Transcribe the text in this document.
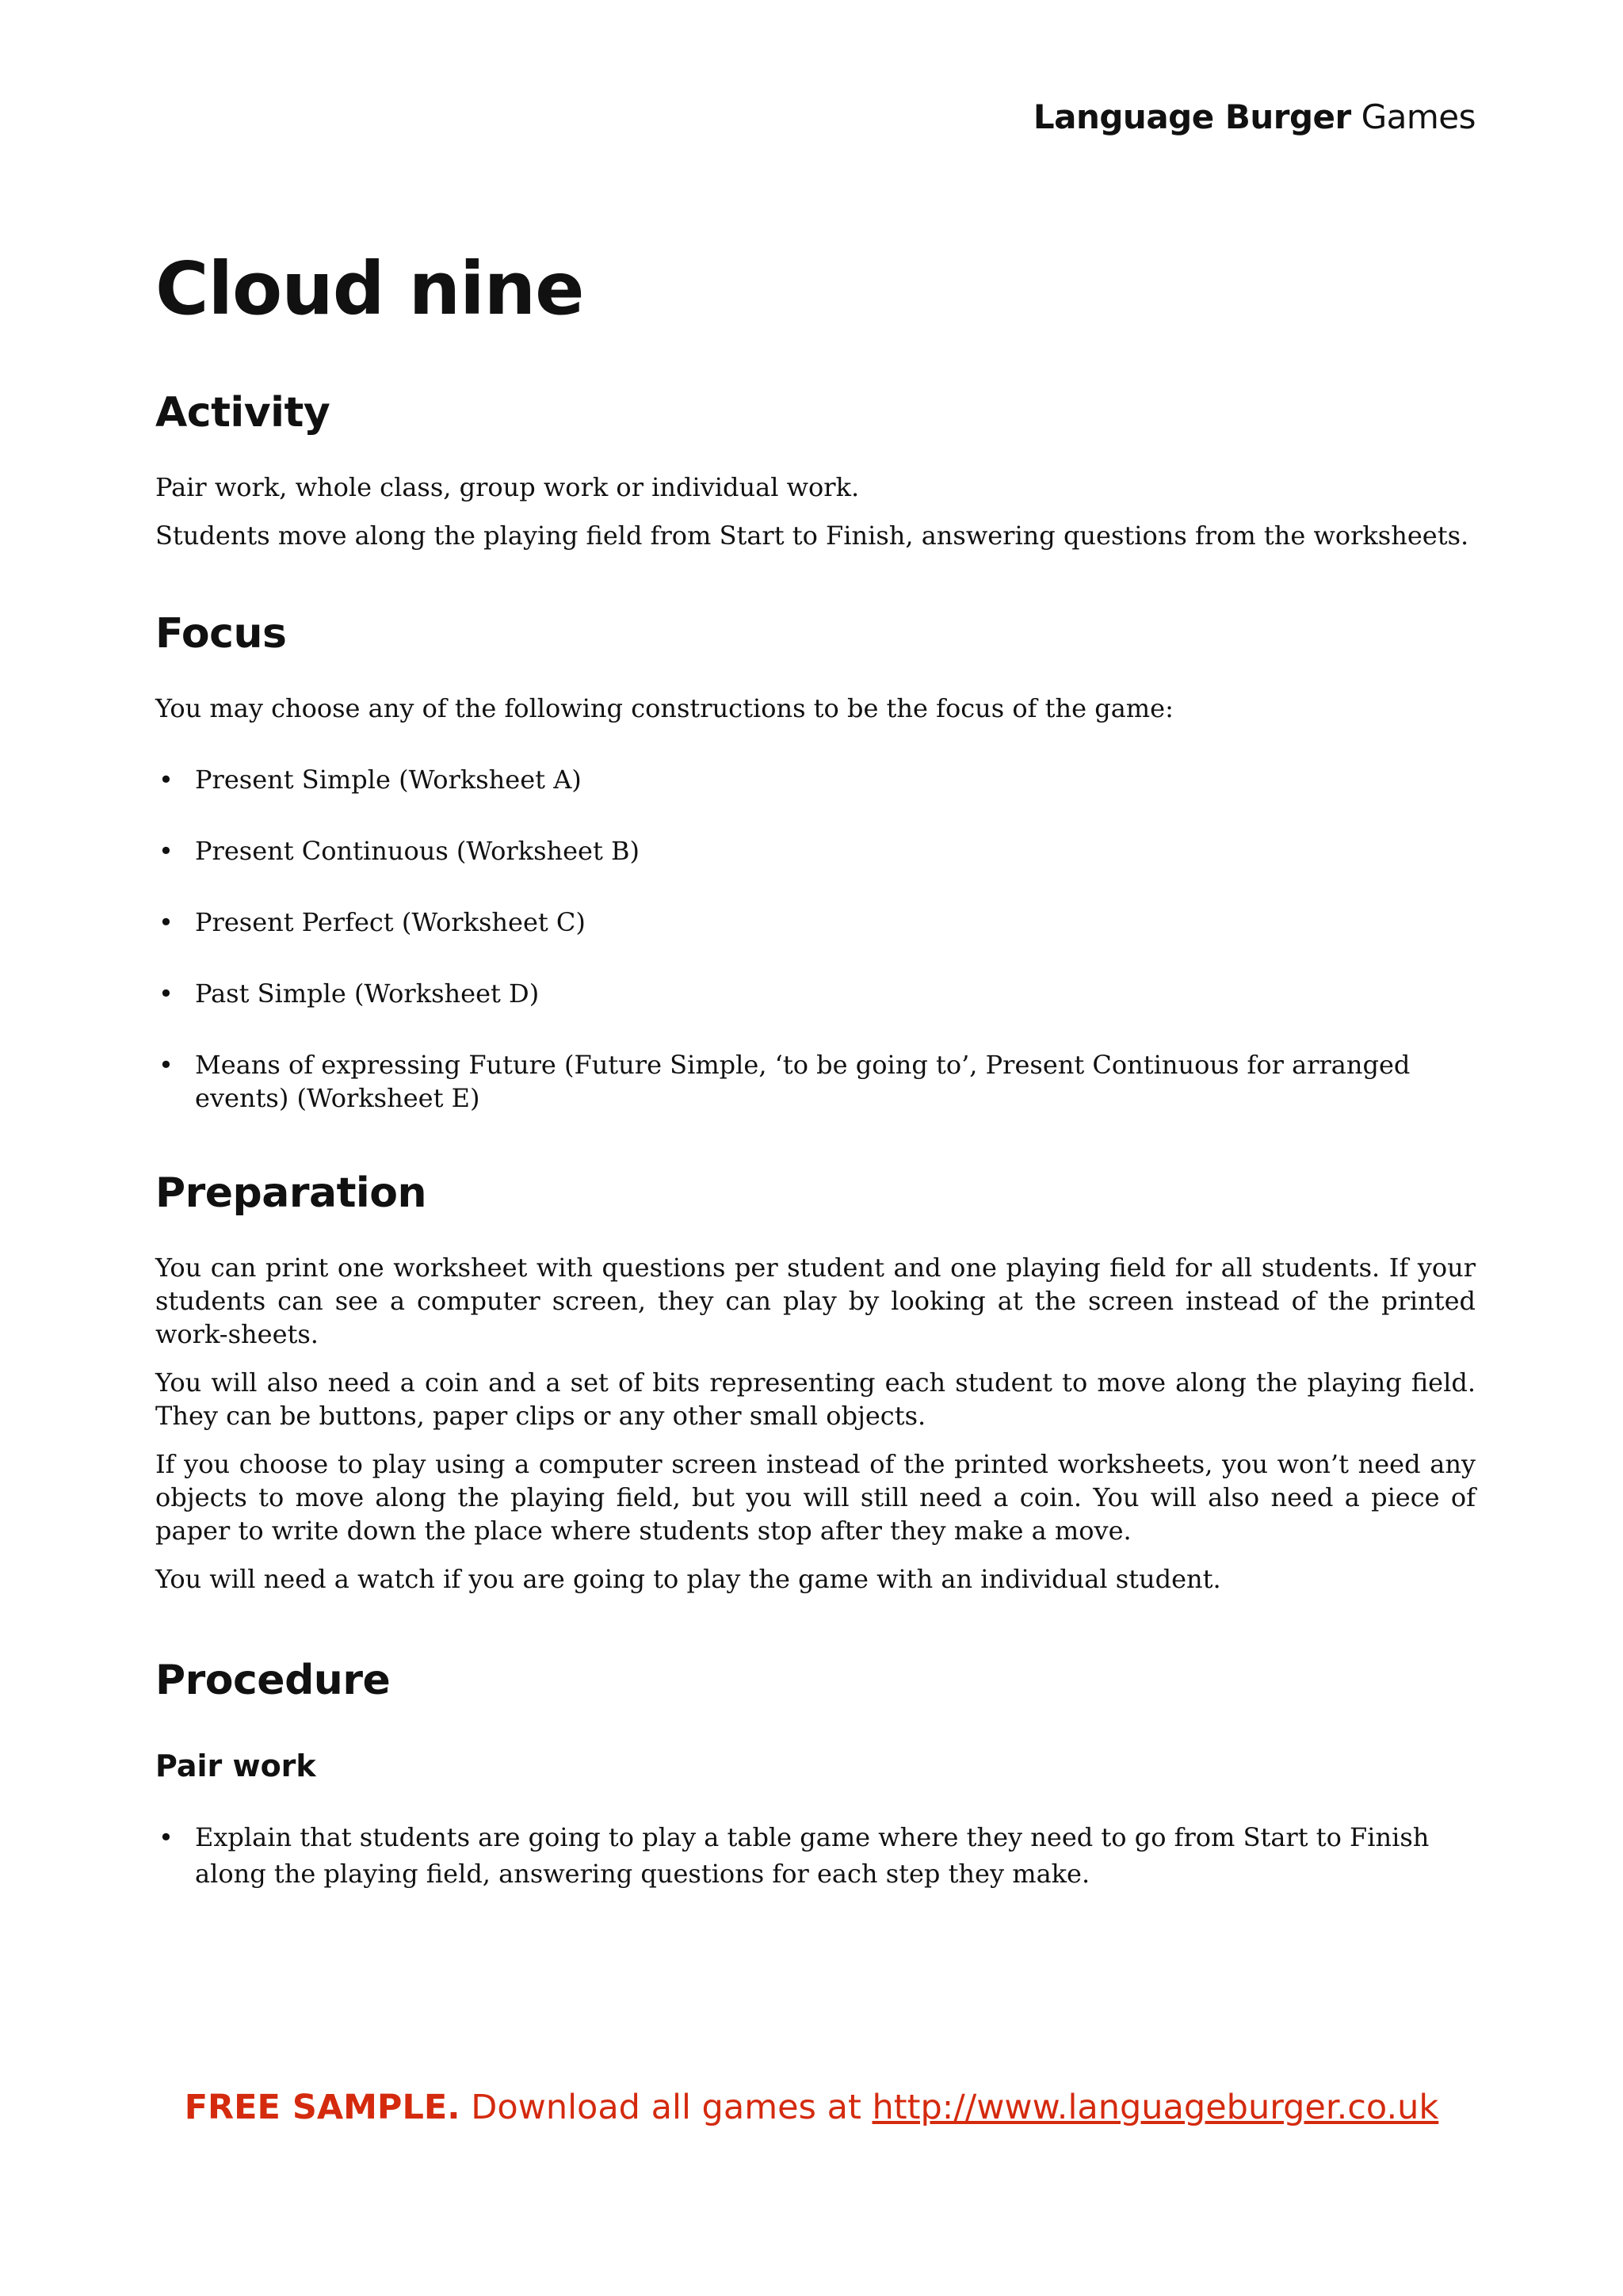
Language Burger Games
Cloud nine
Activity

Pair work, whole class, group work or individual work.

Students move along the playing field from Start to Finish, answering questions from the worksheets.

Focus

You may choose any of the following constructions to be the focus of the game:

• Present Simple (Worksheet A)
• Present Continuous (Worksheet B)
• Present Perfect (Worksheet C)
• Past Simple (Worksheet D)
• Means of expressing Future (Future Simple, ‘to be going to’, Present Continuous for arranged events) (Worksheet E)
Preparation

You can print one worksheet with questions per student and one playing field for all students. If your students can see a computer screen, they can play by looking at the screen instead of the printed work-sheets.

You will also need a coin and a set of bits representing each student to move along the playing field. They can be buttons, paper clips or any other small objects.

If you choose to play using a computer screen instead of the printed worksheets, you won’t need any objects to move along the playing field, but you will still need a coin. You will also need a piece of paper to write down the place where students stop after they make a move.

You will need a watch if you are going to play the game with an individual student.

Procedure
Pair work
• Explain that students are going to play a table game where they need to go from Start to Finish along the playing field, answering questions for each step they make.
FREE SAMPLE. Download all games at http://www.languageburger.co.uk
